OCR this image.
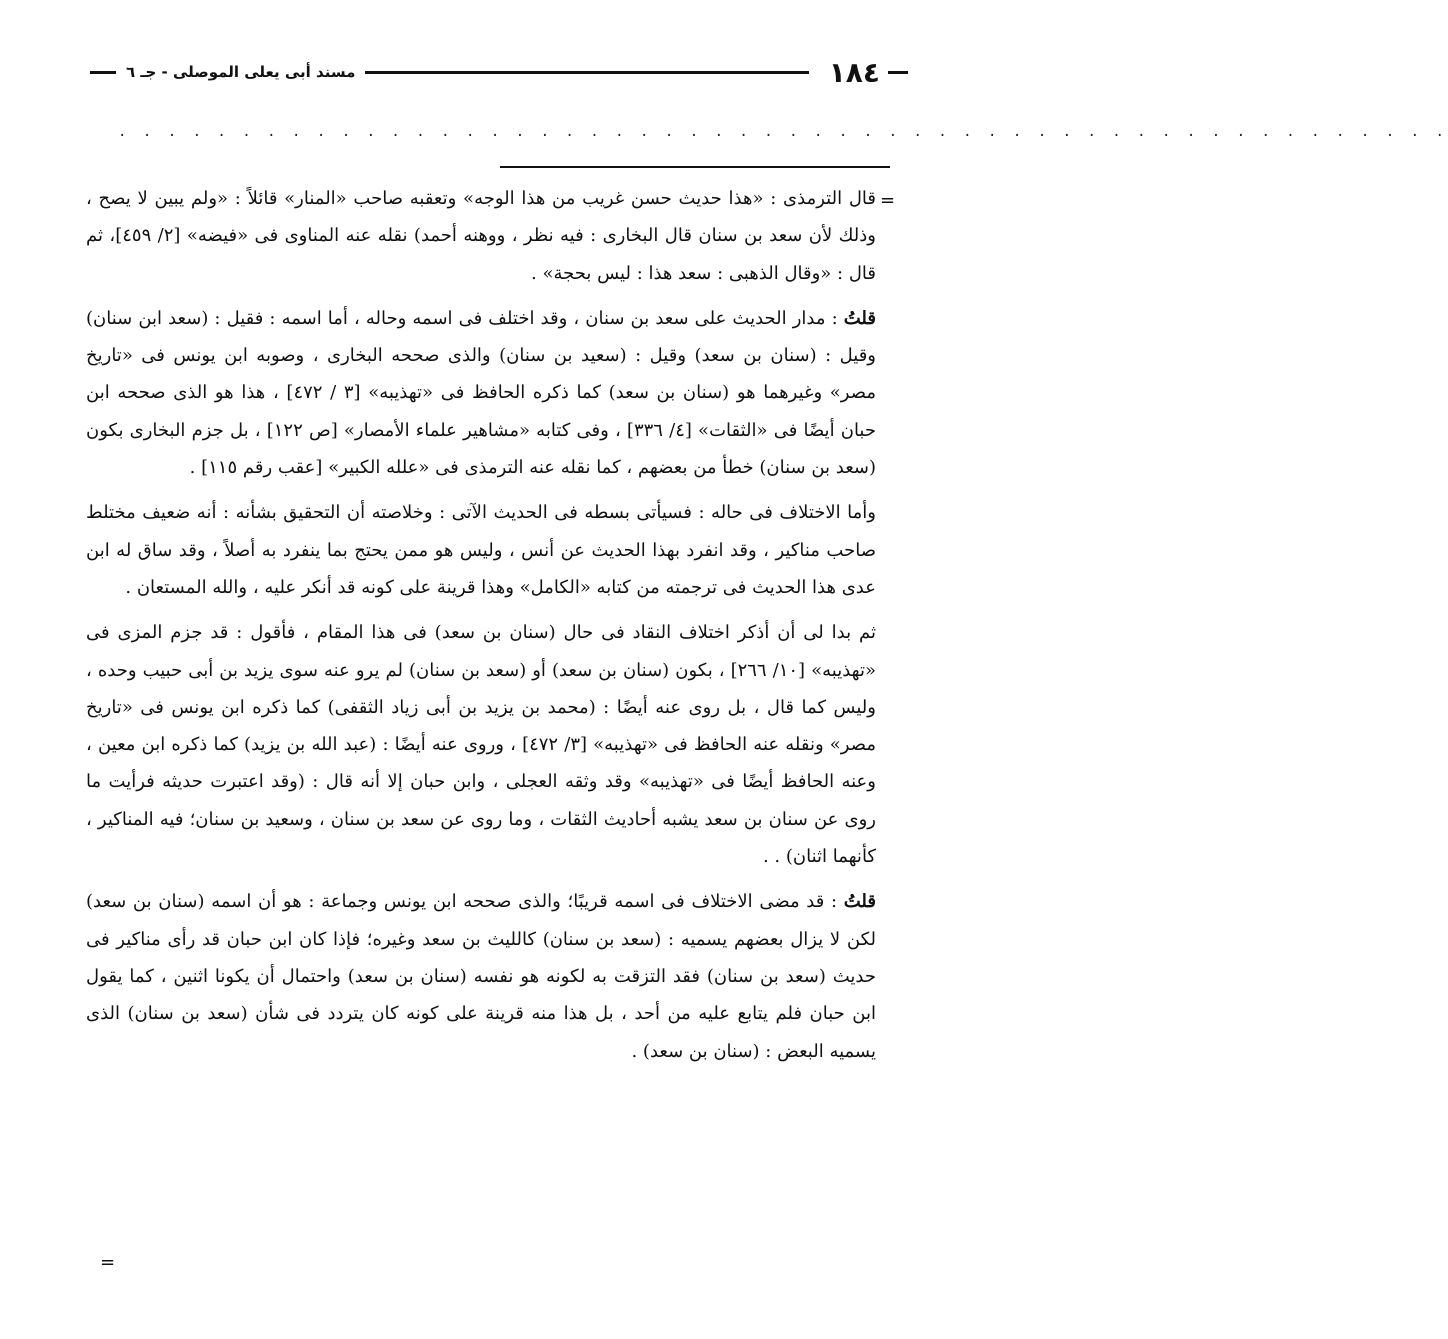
١٨٤
مسند أبى يعلى الموصلى - جـ ٦
. . . . . . . . . . . . . . . . . . . . . . . . . . . . . . . . . . . . . . . . . . . . . . . . . . . . . .
=

قال الترمذى : «هذا حديث حسن غريب من هذا الوجه» وتعقبه صاحب «المنار» قائلاً : «ولم يبين لا يصح ، وذلك لأن سعد بن سنان قال البخارى : فيه نظر ، ووهنه أحمد) نقله عنه المناوى فى «فيضه» [٢/ ٤٥٩]، ثم قال : «وقال الذهبى : سعد هذا : ليس بحجة» .

قلتُ : مدار الحديث على سعد بن سنان ، وقد اختلف فى اسمه وحاله ، أما اسمه : فقيل : (سعد ابن سنان) وقيل : (سنان بن سعد) وقيل : (سعيد بن سنان) والذى صححه البخارى ، وصوبه ابن يونس فى «تاريخ مصر» وغيرهما هو (سنان بن سعد) كما ذكره الحافظ فى «تهذيبه» [٣ / ٤٧٢] ، هذا هو الذى صححه ابن حبان أيضًا فى «الثقات» [٤/ ٣٣٦] ، وفى كتابه «مشاهير علماء الأمصار» [ص ١٢٢] ، بل جزم البخارى بكون (سعد بن سنان) خطأ من بعضهم ، كما نقله عنه الترمذى فى «علله الكبير» [عقب رقم ١١٥] .

وأما الاختلاف فى حاله : فسيأتى بسطه فى الحديث الآتى : وخلاصته أن التحقيق بشأنه : أنه ضعيف مختلط صاحب مناكير ، وقد انفرد بهذا الحديث عن أنس ، وليس هو ممن يحتج بما ينفرد به أصلاً ، وقد ساق له ابن عدى هذا الحديث فى ترجمته من كتابه «الكامل» وهذا قرينة على كونه قد أنكر عليه ، والله المستعان .

ثم بدا لى أن أذكر اختلاف النقاد فى حال (سنان بن سعد) فى هذا المقام ، فأقول : قد جزم المزى فى «تهذيبه» [١٠/ ٢٦٦] ، بكون (سنان بن سعد) أو (سعد بن سنان) لم يرو عنه سوى يزيد بن أبى حبيب وحده ، وليس كما قال ، بل روى عنه أيضًا : (محمد بن يزيد بن أبى زياد الثقفى) كما ذكره ابن يونس فى «تاريخ مصر» ونقله عنه الحافظ فى «تهذيبه» [٣/ ٤٧٢] ، وروى عنه أيضًا : (عبد الله بن يزيد) كما ذكره ابن معين ، وعنه الحافظ أيضًا فى «تهذيبه» وقد وثقه العجلى ، وابن حبان إلا أنه قال : (وقد اعتبرت حديثه فرأيت ما روى عن سنان بن سعد يشبه أحاديث الثقات ، وما روى عن سعد بن سنان ، وسعيد بن سنان؛ فيه المناكير ، كأنهما اثنان) . .

قلتُ : قد مضى الاختلاف فى اسمه قريبًا؛ والذى صححه ابن يونس وجماعة : هو أن اسمه (سنان بن سعد) لكن لا يزال بعضهم يسميه : (سعد بن سنان) كالليث بن سعد وغيره؛ فإذا كان ابن حبان قد رأى مناكير فى حديث (سعد بن سنان) فقد التزقت به لكونه هو نفسه (سنان بن سعد) واحتمال أن يكونا اثنين ، كما يقول ابن حبان فلم يتابع عليه من أحد ، بل هذا منه قرينة على كونه كان يتردد فى شأن (سعد بن سنان) الذى يسميه البعض : (سنان بن سعد) .

=
